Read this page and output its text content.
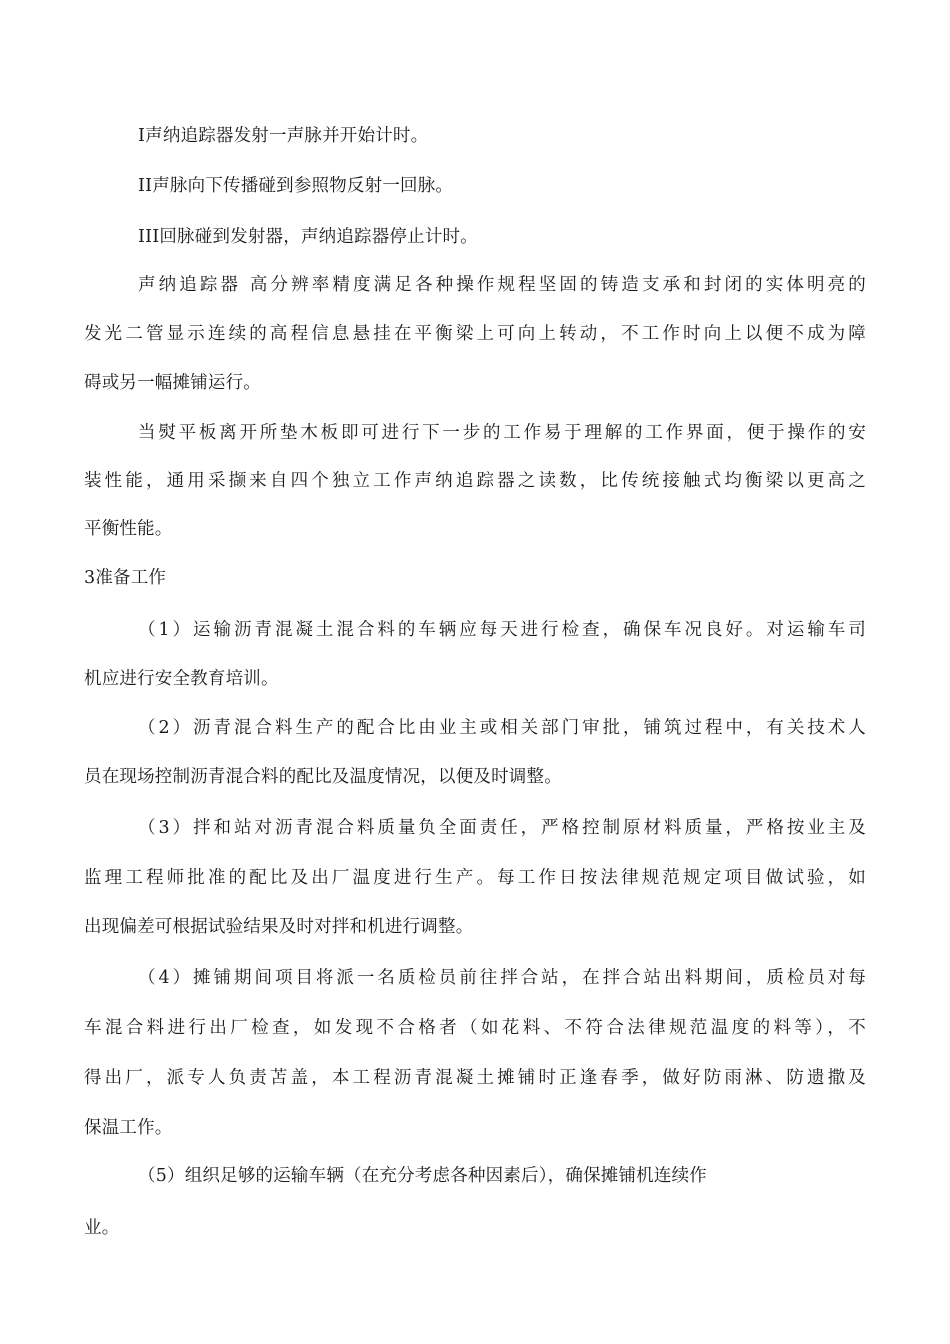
I声纳追踪器发射一声脉并开始计时。
II声脉向下传播碰到参照物反射一回脉。
III回脉碰到发射器，声纳追踪器停止计时。
声纳追踪器 高分辨率精度满足各种操作规程坚固的铸造支承和封闭的实体明亮的
发光二管显示连续的高程信息悬挂在平衡梁上可向上转动，不工作时向上以便不成为障
碍或另一幅摊铺运行。
当熨平板离开所垫木板即可进行下一步的工作易于理解的工作界面，便于操作的安
装性能，通用采撷来自四个独立工作声纳追踪器之读数，比传统接触式均衡梁以更高之
平衡性能。
3准备工作
（1）运输沥青混凝土混合料的车辆应每天进行检查，确保车况良好。对运输车司
机应进行安全教育培训。
（2）沥青混合料生产的配合比由业主或相关部门审批，铺筑过程中，有关技术人
员在现场控制沥青混合料的配比及温度情况，以便及时调整。
（3）拌和站对沥青混合料质量负全面责任，严格控制原材料质量，严格按业主及
监理工程师批准的配比及出厂温度进行生产。每工作日按法律规范规定项目做试验，如
出现偏差可根据试验结果及时对拌和机进行调整。
（4）摊铺期间项目将派一名质检员前往拌合站，在拌合站出料期间，质检员对每
车混合料进行出厂检查，如发现不合格者（如花料、不符合法律规范温度的料等），不
得出厂，派专人负责苫盖，本工程沥青混凝土摊铺时正逢春季，做好防雨淋、防遗撒及
保温工作。
（5）组织足够的运输车辆（在充分考虑各种因素后），确保摊铺机连续作
业。
